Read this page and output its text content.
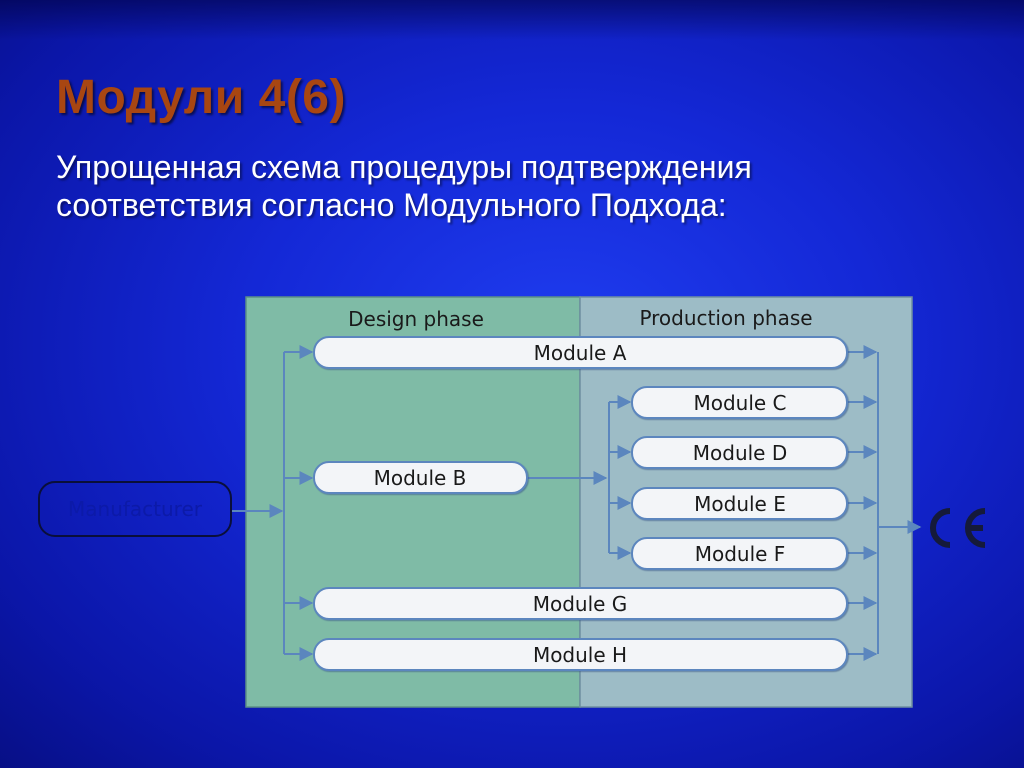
Модули 4(6)

Упрощенная схема процедуры подтверждения соответствия согласно Модульного Подхода:

Design phase	Production phase
Manufacturer
Module A
Module B
Module C
Module D
Module E
Module F
Module G
Module H
